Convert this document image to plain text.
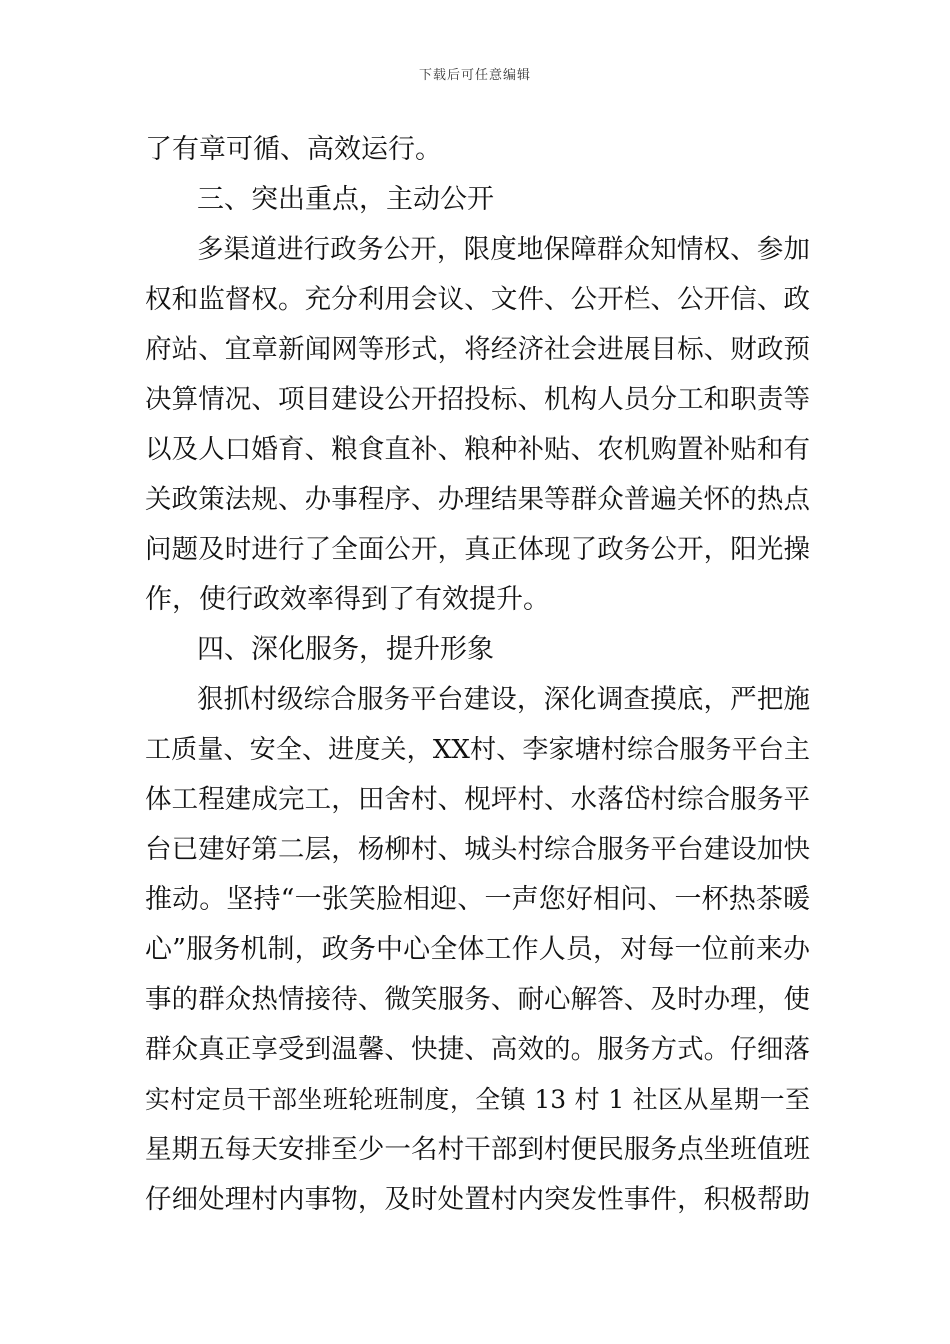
下载后可任意编辑
了有章可循、高效运行。
三、突出重点，主动公开
多渠道进行政务公开，限度地保障群众知情权、参加
权和监督权。充分利用会议、文件、公开栏、公开信、政
府站、宜章新闻网等形式，将经济社会进展目标、财政预
决算情况、项目建设公开招投标、机构人员分工和职责等
以及人口婚育、粮食直补、粮种补贴、农机购置补贴和有
关政策法规、办事程序、办理结果等群众普遍关怀的热点
问题及时进行了全面公开，真正体现了政务公开，阳光操
作，使行政效率得到了有效提升。
四、深化服务，提升形象
狠抓村级综合服务平台建设，深化调查摸底，严把施
工质量、安全、进度关，XX村、李家塘村综合服务平台主
体工程建成完工，田舍村、枧坪村、水落岱村综合服务平
台已建好第二层，杨柳村、城头村综合服务平台建设加快
推动。坚持“一张笑脸相迎、一声您好相问、一杯热茶暖
心”服务机制，政务中心全体工作人员，对每一位前来办
事的群众热情接待、微笑服务、耐心解答、及时办理，使
群众真正享受到温馨、快捷、高效的。服务方式。仔细落
实村定员干部坐班轮班制度，全镇 13 村 1 社区从星期一至
星期五每天安排至少一名村干部到村便民服务点坐班值班
仔细处理村内事物，及时处置村内突发性事件，积极帮助
